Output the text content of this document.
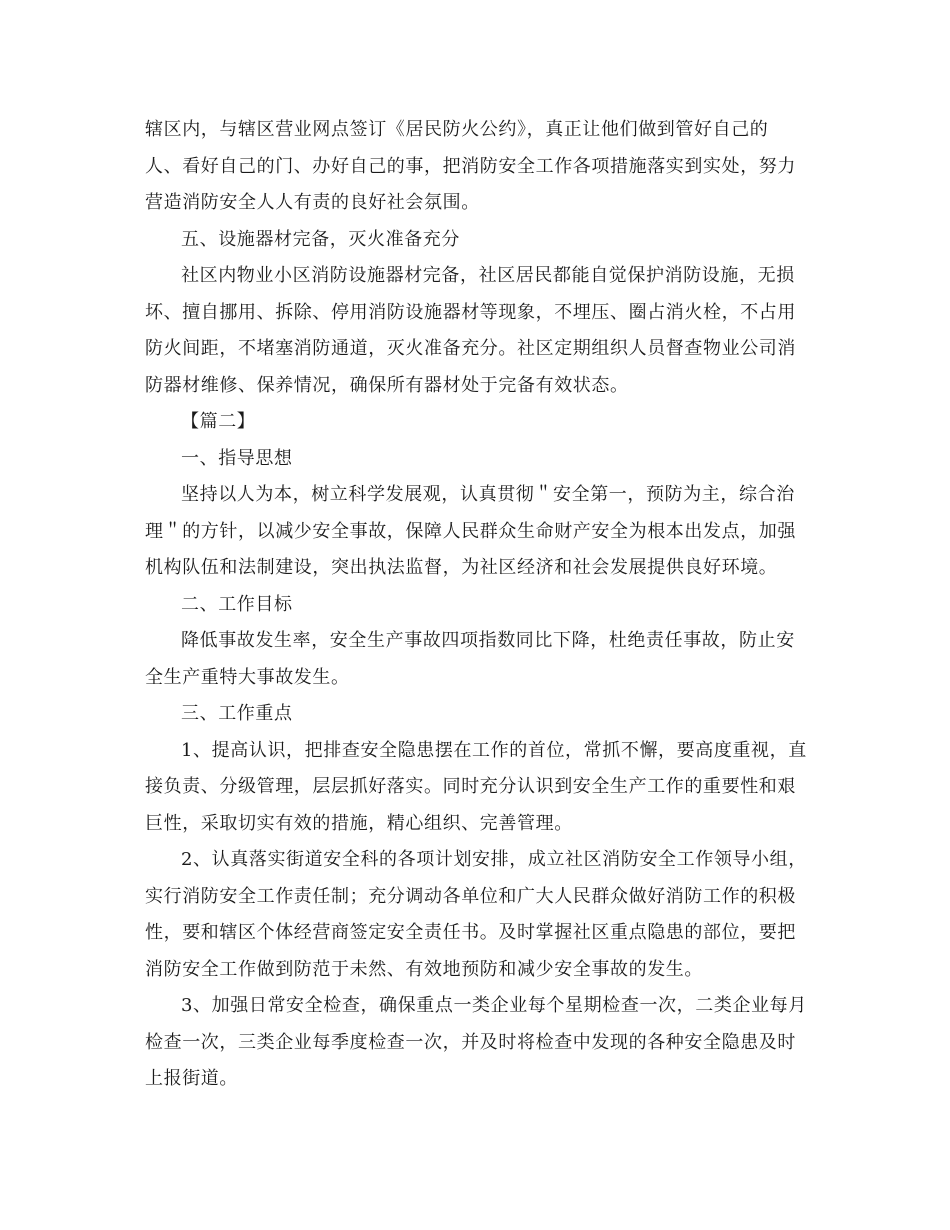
辖区内，与辖区营业网点签订《居民防火公约》，真正让他们做到管好自己的
人、看好自己的门、办好自己的事，把消防安全工作各项措施落实到实处，努力
营造消防安全人人有责的良好社会氛围。
五、设施器材完备，灭火准备充分
社区内物业小区消防设施器材完备，社区居民都能自觉保护消防设施，无损
坏、擅自挪用、拆除、停用消防设施器材等现象，不埋压、圈占消火栓，不占用
防火间距，不堵塞消防通道，灭火准备充分。社区定期组织人员督查物业公司消
防器材维修、保养情况，确保所有器材处于完备有效状态。
【篇二】
一、指导思想
坚持以人为本，树立科学发展观，认真贯彻＂安全第一，预防为主，综合治
理＂的方针，以减少安全事故，保障人民群众生命财产安全为根本出发点，加强
机构队伍和法制建设，突出执法监督，为社区经济和社会发展提供良好环境。
二、工作目标
降低事故发生率，安全生产事故四项指数同比下降，杜绝责任事故，防止安
全生产重特大事故发生。
三、工作重点
1、提高认识，把排查安全隐患摆在工作的首位，常抓不懈，要高度重视，直
接负责、分级管理，层层抓好落实。同时充分认识到安全生产工作的重要性和艰
巨性，采取切实有效的措施，精心组织、完善管理。
2、认真落实街道安全科的各项计划安排，成立社区消防安全工作领导小组，
实行消防安全工作责任制；充分调动各单位和广大人民群众做好消防工作的积极
性，要和辖区个体经营商签定安全责任书。及时掌握社区重点隐患的部位，要把
消防安全工作做到防范于未然、有效地预防和减少安全事故的发生。
3、加强日常安全检查，确保重点一类企业每个星期检查一次，二类企业每月
检查一次，三类企业每季度检查一次，并及时将检查中发现的各种安全隐患及时
上报街道。
